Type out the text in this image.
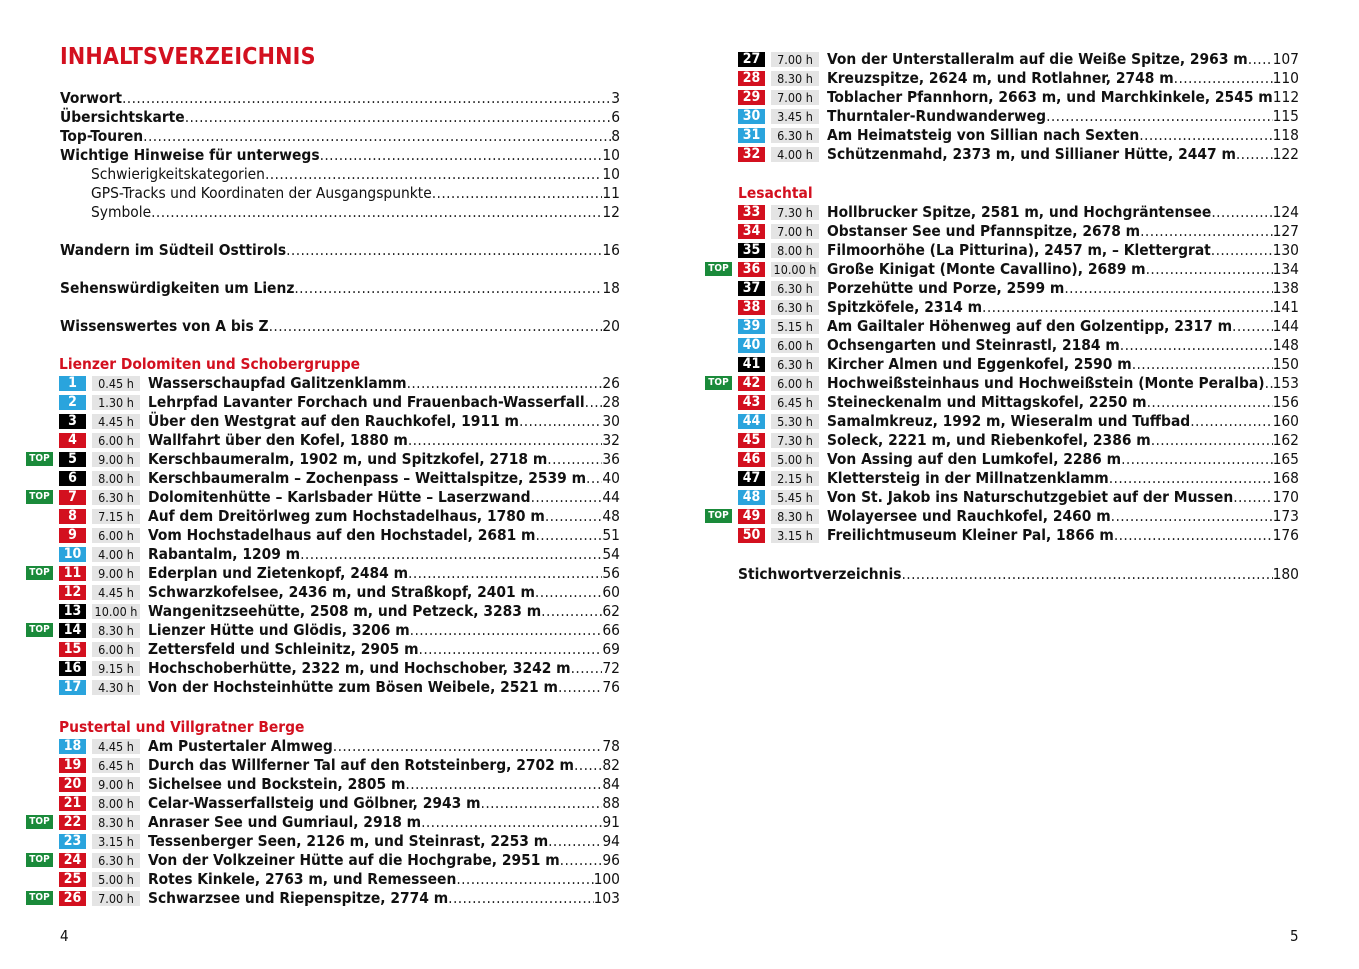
INHALTSVERZEICHNIS
Vorwort . . .	3
Übersichtskarte . . .	6
Top-Touren . . .	8
Wichtige Hinweise für unterwegs . . .	10
Schwierigkeitskategorien . . .	10
GPS-Tracks und Koordinaten der Ausgangspunkte . . .	11
Symbole . . .	12
Wandern im Südteil Osttirols . . .	16
Sehenswürdigkeiten um Lienz . . .	18
Wissenswertes von A bis Z . . .	20
Lienzer Dolomiten und Schobergruppe
1	0.45 h Wasserschaupfad Galitzenklamm . . .	26
2	1.30 h Lehrpfad Lavanter Forchach und Frauenbach-Wasserfall . . . 28
3	4.45 h Über den Westgrat auf den Rauchkofel, 1911 m . . .	30
4	6.00 h Wallfahrt über den Kofel, 1880 m . . .	32
TOP	5	9.00 h Kerschbaumeralm, 1902 m, und Spitzkofel, 2718 m . . .	36
6	8.00 h Kerschbaumeralm – Zochenpass – Weittalspitze, 2539 m . . . 40
TOP	7	6.30 h Dolomitenhütte – Karlsbader Hütte – Laserzwand . . .	44
8	7.15 h Auf dem Dreitörlweg zum Hochstadelhaus, 1780 m . . .	48
9	6.00 h Vom Hochstadelhaus auf den Hochstadel, 2681 m . . .	51
10	4.00 h Rabantalm, 1209 m . . .	54
TOP	11	9.00 h Ederplan und Zietenkopf, 2484 m . . .	56
12	4.45 h Schwarzkofelsee, 2436 m, und Straßkopf, 2401 m . . .	60
13	10.00 h Wangenitzseehütte, 2508 m, und Petzeck, 3283 m . . .	62
TOP	14	8.30 h Lienzer Hütte und Glödis, 3206 m . . .	66
15	6.00 h Zettersfeld und Schleinitz, 2905 m . . .	69
16	9.15 h Hochschoberhütte, 2322 m, und Hochschober, 3242 m . . . 72
17	4.30 h Von der Hochsteinhütte zum Bösen Weibele, 2521 m . . .	76
Pustertal und Villgratner Berge
18	4.45 h Am Pustertaler Almweg . . .	78
19	6.45 h Durch das Willferner Tal auf den Rotsteinberg, 2702 m . . . 82
20	9.00 h Sichelsee und Bockstein, 2805 m . . .	84
21	8.00 h Celar-Wasserfallsteig und Gölbner, 2943 m . . .	88
TOP	22	8.30 h Anraser See und Gumriaul, 2918 m . . .	91
23	3.15 h Tessenberger Seen, 2126 m, und Steinrast, 2253 m . . .	94
TOP	24	6.30 h Von der Volkzeiner Hütte auf die Hochgrabe, 2951 m . . .	96
25	5.00 h Rotes Kinkele, 2763 m, und Remesseen . . .	100
TOP	26	7.00 h Schwarzsee und Riepenspitze, 2774 m . . .	103
4
27	7.00 h Von der Unterstalleralm auf die Weiße Spitze, 2963 m . . . 107
28	8.30 h Kreuzspitze, 2624 m, und Rotlahner, 2748 m . . .	110
29	7.00 h Toblacher Pfannhorn, 2663 m, und Marchkinkele, 2545 m 112
30	3.45 h Thurntaler-Rundwanderweg . . .	115
31	6.30 h Am Heimatsteig von Sillian nach Sexten . . .	118
32	4.00 h Schützenmahd, 2373 m, und Sillianer Hütte, 2447 m . . . 122
Lesachtal
33	7.30 h Hollbrucker Spitze, 2581 m, und Hochgräntensee . . .	124
34	7.00 h Obstanser See und Pfannspitze, 2678 m . . .	127
35	8.00 h Filmoorhöhe (La Pitturina), 2457 m, – Klettergrat . . .	130
TOP	36	10.00 h Große Kinigat (Monte Cavallino), 2689 m . . .	134
37	6.30 h Porzehütte und Porze, 2599 m . . .	138
38	6.30 h Spitzköfele, 2314 m . . .	141
39	5.15 h Am Gailtaler Höhenweg auf den Golzentipp, 2317 m . . .	144
40	6.00 h Ochsengarten und Steinrastl, 2184 m . . .	148
41	6.30 h Kircher Almen und Eggenkofel, 2590 m . . .	150
TOP	42	6.00 h Hochweißsteinhaus und Hochweißstein (Monte Peralba) . . . 153
43	6.45 h Steineckenalm und Mittagskofel, 2250 m . . .	156
44	5.30 h Samalmkreuz, 1992 m, Wieseralm und Tuffbad . . .	160
45	7.30 h Soleck, 2221 m, und Riebenkofel, 2386 m . . .	162
46	5.00 h Von Assing auf den Lumkofel, 2286 m . . .	165
47	2.15 h Klettersteig in der Millnatzenklamm . . .	168
48	5.45 h Von St. Jakob ins Naturschutzgebiet auf der Mussen . . .	170
TOP	49	8.30 h Wolayersee und Rauchkofel, 2460 m . . .	173
50	3.15 h Freilichtmuseum Kleiner Pal, 1866 m . . .	176
Stichwortverzeichnis . . .	180
5
